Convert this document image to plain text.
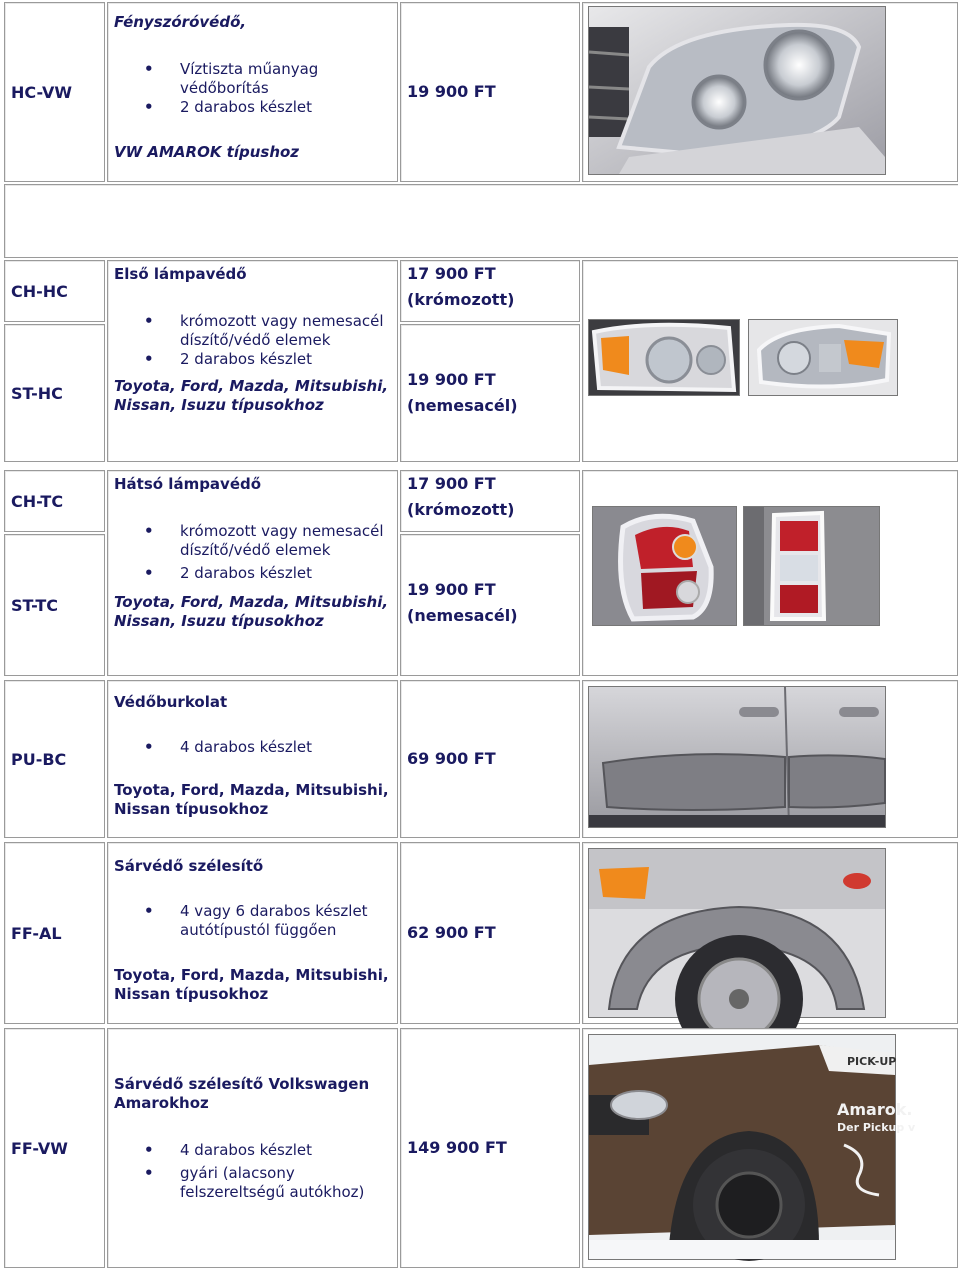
HC-VW
Fényszóróvédő,
• Víztiszta műanyag védőborítás
• 2 darabos készlet
VW AMAROK típushoz
19 900 FT
CH-HC
ST-HC
Első lámpavédő
• krómozott vagy nemesacél díszítő/védő elemek
• 2 darabos készlet
Toyota, Ford, Mazda, Mitsubishi, Nissan, Isuzu típusokhoz
17 900 FT
(krómozott)
19 900 FT
(nemesacél)
CH-TC
ST-TC
Hátsó lámpavédő
• krómozott vagy nemesacél díszítő/védő elemek
• 2 darabos készlet
Toyota, Ford, Mazda, Mitsubishi, Nissan, Isuzu típusokhoz
17 900 FT
(krómozott)
19 900 FT
(nemesacél)
PU-BC
Védőburkolat
• 4 darabos készlet
Toyota, Ford, Mazda, Mitsubishi, Nissan típusokhoz
69 900 FT
FF-AL
Sárvédő szélesítő
• 4 vagy 6 darabos készlet autótípustól függően
Toyota, Ford, Mazda, Mitsubishi, Nissan típusokhoz
62 900 FT
FF-VW
Sárvédő szélesítő Volkswagen Amarokhoz
• 4 darabos készlet
• gyári (alacsony felszereltségű autókhoz)
149 900 FT
PICK-UP
Amarok.
Der Pickup v
